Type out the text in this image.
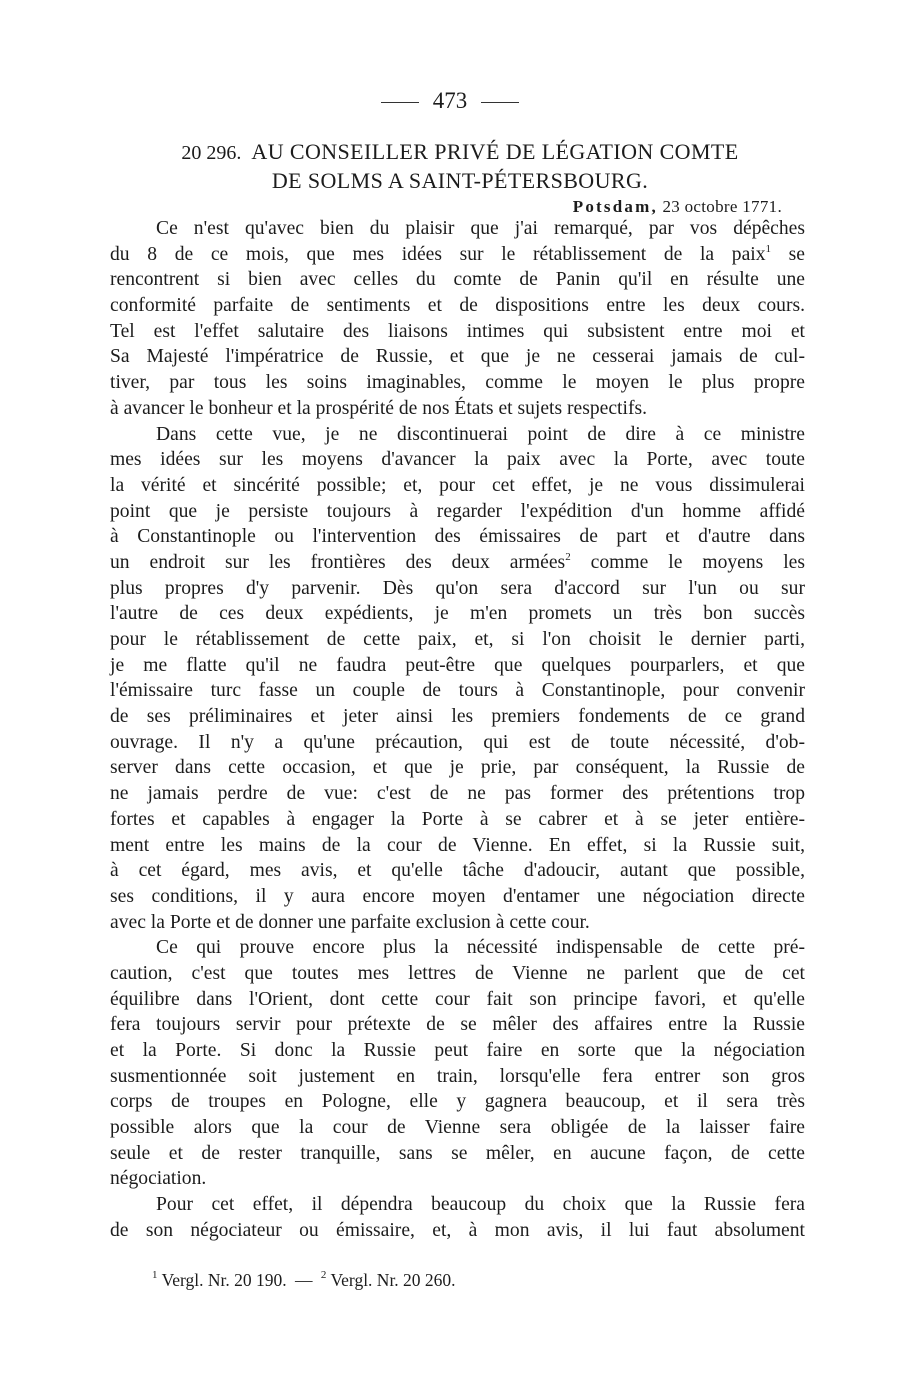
473
20 296. AU CONSEILLER PRIVÉ DE LÉGATION COMTE
DE SOLMS A SAINT-PÉTERSBOURG.
Potsdam, 23 octobre 1771.
Ce n'est qu'avec bien du plaisir que j'ai remarqué, par vos dépêches
du 8 de ce mois, que mes idées sur le rétablissement de la paix$^1$ se
rencontrent si bien avec celles du comte de Panin qu'il en résulte une
conformité parfaite de sentiments et de dispositions entre les deux cours.
Tel est l'effet salutaire des liaisons intimes qui subsistent entre moi et
Sa Majesté l'impératrice de Russie, et que je ne cesserai jamais de cul-
tiver, par tous les soins imaginables, comme le moyen le plus propre
à avancer le bonheur et la prospérité de nos États et sujets respectifs.
Dans cette vue, je ne discontinuerai point de dire à ce ministre
mes idées sur les moyens d'avancer la paix avec la Porte, avec toute
la vérité et sincérité possible; et, pour cet effet, je ne vous dissimulerai
point que je persiste toujours à regarder l'expédition d'un homme affidé
à Constantinople ou l'intervention des émissaires de part et d'autre dans
un endroit sur les frontières des deux armées$^2$ comme le moyens les
plus propres d'y parvenir. Dès qu'on sera d'accord sur l'un ou sur
l'autre de ces deux expédients, je m'en promets un très bon succès
pour le rétablissement de cette paix, et, si l'on choisit le dernier parti,
je me flatte qu'il ne faudra peut-être que quelques pourparlers, et que
l'émissaire turc fasse un couple de tours à Constantinople, pour convenir
de ses préliminaires et jeter ainsi les premiers fondements de ce grand
ouvrage. Il n'y a qu'une précaution, qui est de toute nécessité, d'ob-
server dans cette occasion, et que je prie, par conséquent, la Russie de
ne jamais perdre de vue: c'est de ne pas former des prétentions trop
fortes et capables à engager la Porte à se cabrer et à se jeter entière-
ment entre les mains de la cour de Vienne. En effet, si la Russie suit,
à cet égard, mes avis, et qu'elle tâche d'adoucir, autant que possible,
ses conditions, il y aura encore moyen d'entamer une négociation directe
avec la Porte et de donner une parfaite exclusion à cette cour.
Ce qui prouve encore plus la nécessité indispensable de cette pré-
caution, c'est que toutes mes lettres de Vienne ne parlent que de cet
équilibre dans l'Orient, dont cette cour fait son principe favori, et qu'elle
fera toujours servir pour prétexte de se mêler des affaires entre la Russie
et la Porte. Si donc la Russie peut faire en sorte que la négociation
susmentionnée soit justement en train, lorsqu'elle fera entrer son gros
corps de troupes en Pologne, elle y gagnera beaucoup, et il sera très
possible alors que la cour de Vienne sera obligée de la laisser faire
seule et de rester tranquille, sans se mêler, en aucune façon, de cette
négociation.
Pour cet effet, il dépendra beaucoup du choix que la Russie fera
de son négociateur ou émissaire, et, à mon avis, il lui faut absolument
$^1$ Vergl. Nr. 20 190. — $^2$ Vergl. Nr. 20 260.
